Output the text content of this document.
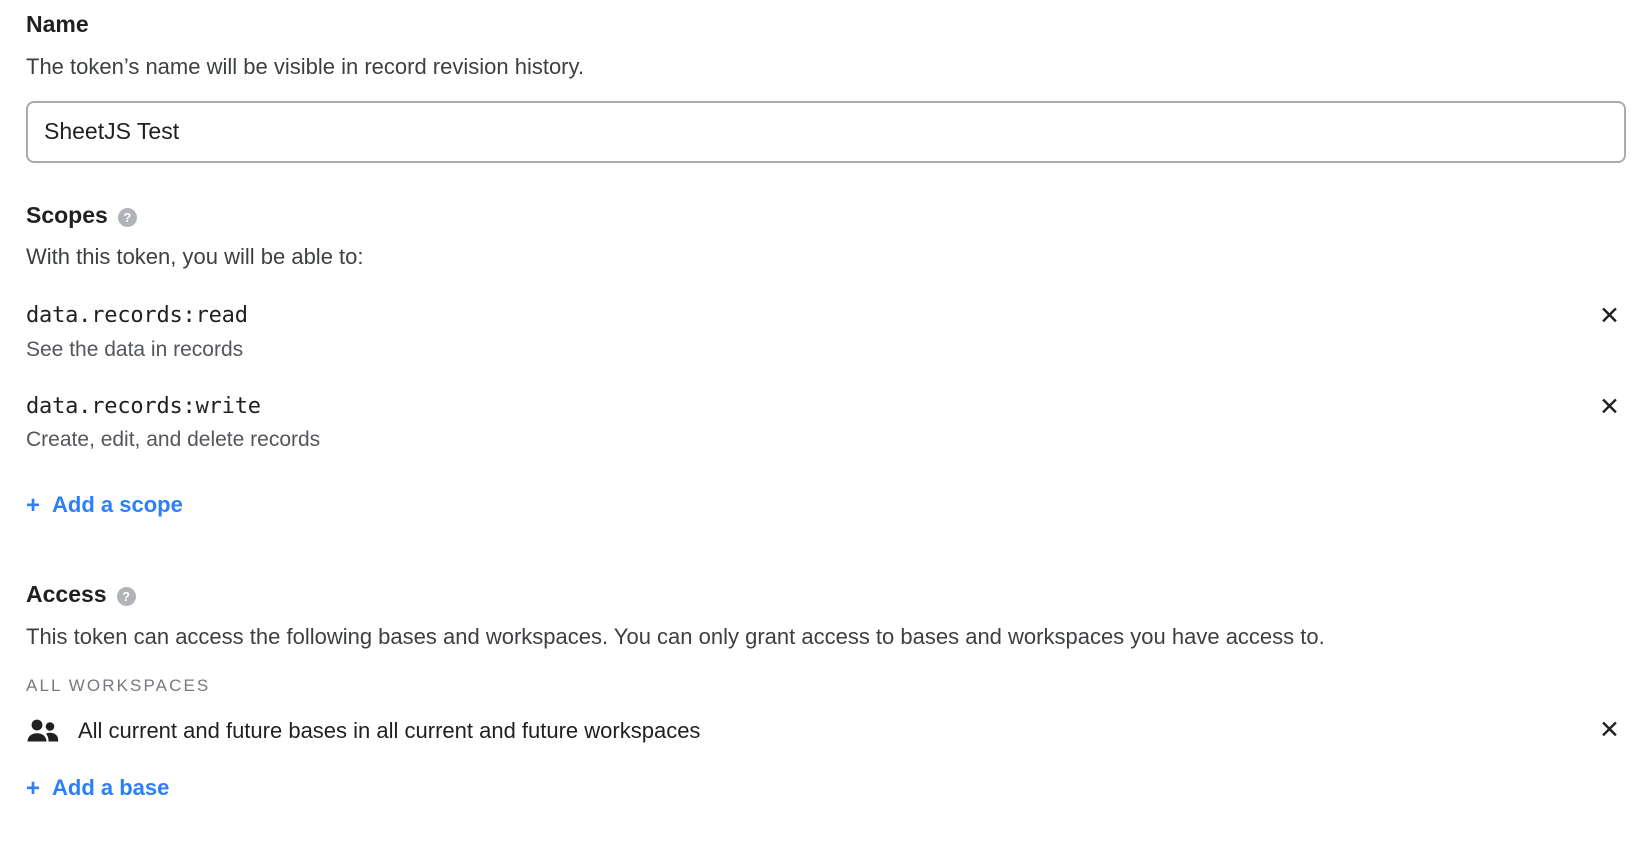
Name

The token’s name will be visible in record revision history.

SheetJS Test
Scopes	?

With this token, you will be able to:

data.records:read
See the data in records
✕
data.records:write
Create, edit, and delete records
✕
+ Add a scope
Access	?

This token can access the following bases and workspaces. You can only grant access to bases and workspaces you have access to.

ALL WORKSPACES
All current and future bases in all current and future workspaces	✕
+ Add a base
